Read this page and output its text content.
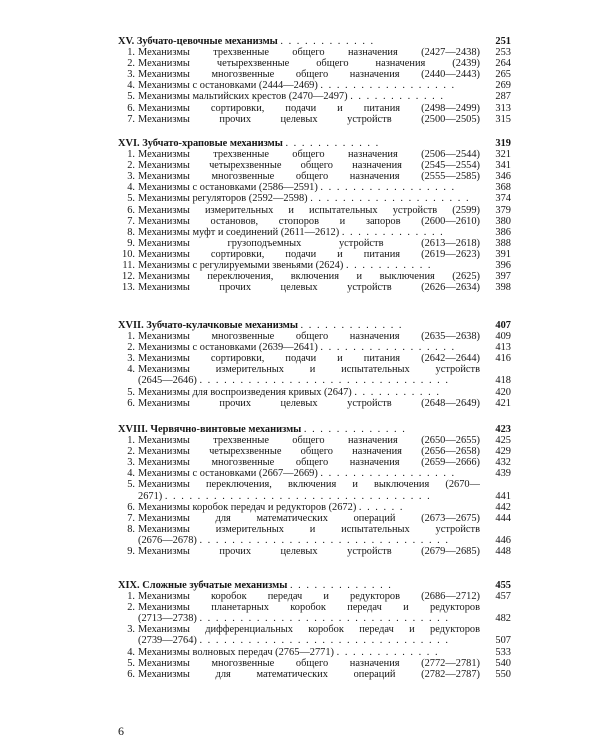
XV. Зубчато-цевочные механизмы . . . . . . . . . . . .	251
1. Механизмы трехзвенные общего назначения (2427—2438)	253
2. Механизмы четырехзвенные общего назначения (2439)	264
3. Механизмы многозвенные общего назначения (2440—2443)	265
4. Механизмы с остановками (2444—2469) . . . . . . . . . . . . . . . . .	269
5. Механизмы мальтийских крестов (2470—2497) . . . . . . . . . . . .	287
6. Механизмы сортировки, подачи и питания (2498—2499)	313
7. Механизмы прочих целевых устройств (2500—2505)	315
XVI. Зубчато-храповые механизмы . . . . . . . . . . . .	319
1. Механизмы трехзвенные общего назначения (2506—2544)	321
2. Механизмы четырехзвенные общего назначения (2545—2554)	341
3. Механизмы многозвенные общего назначения (2555—2585)	346
4. Механизмы с остановками (2586—2591) . . . . . . . . . . . . . . . . .	368
5. Механизмы регуляторов (2592—2598) . . . . . . . . . . . . . . . . . . . .	374
6. Механизмы измерительных и испытательных устройств (2599)	379
7. Механизмы остановов, стопоров и запоров (2600—2610)	380
8. Механизмы муфт и соединений (2611—2612) . . . . . . . . . . . . .	386
9. Механизмы грузоподъемных устройств (2613—2618)	388
10. Механизмы сортировки, подачи и питания (2619—2623)	391
11. Механизмы с регулируемыми звеньями (2624) . . . . . . . . . . .	396
12. Механизмы переключения, включения и выключения (2625)	397
13. Механизмы прочих целевых устройств (2626—2634)	398
XVII. Зубчато-кулачковые механизмы . . . . . . . . . . . . .	407
1. Механизмы многозвенные общего назначения (2635—2638)	409
2. Механизмы с остановками (2639—2641) . . . . . . . . . . . . . . . . .	413
3. Механизмы сортировки, подачи и питания (2642—2644)	416
4. Механизмы измерительных и испытательных устройств
(2645—2646) . . . . . . . . . . . . . . . . . . . . . . . . . . . . . . .	418
5. Механизмы для воспроизведения кривых (2647) . . . . . . . . . . .	420
6. Механизмы прочих целевых устройств (2648—2649)	421
XVIII. Червячно-винтовые механизмы . . . . . . . . . . . . .	423
1. Механизмы трехзвенные общего назначения (2650—2655)	425
2. Механизмы четырехзвенные общего назначения (2656—2658)	429
3. Механизмы многозвенные общего назначения (2659—2666)	432
4. Механизмы с остановками (2667—2669) . . . . . . . . . . . . . . . . .	439
5. Механизмы переключения, включения и выключения (2670—
2671) . . . . . . . . . . . . . . . . . . . . . . . . . . . . . . . . .	441
6. Механизмы коробок передач и редукторов (2672) . . . . . .	442
7. Механизмы для математических операций (2673—2675)	444
8. Механизмы измерительных и испытательных устройств
(2676—2678) . . . . . . . . . . . . . . . . . . . . . . . . . . . . . . .	446
9. Механизмы прочих целевых устройств (2679—2685)	448
XIX. Сложные зубчатые механизмы . . . . . . . . . . . . .	455
1. Механизмы коробок передач и редукторов (2686—2712)	457
2. Механизмы планетарных коробок передач и редукторов
(2713—2738) . . . . . . . . . . . . . . . . . . . . . . . . . . . . . . .	482
3. Механизмы дифференциальных коробок передач и редукторов
(2739—2764) . . . . . . . . . . . . . . . . . . . . . . . . . . . . . . .	507
4. Механизмы волновых передач (2765—2771) . . . . . . . . . . . . .	533
5. Механизмы многозвенные общего назначения (2772—2781)	540
6. Механизмы для математических операций (2782—2787)	550
6
